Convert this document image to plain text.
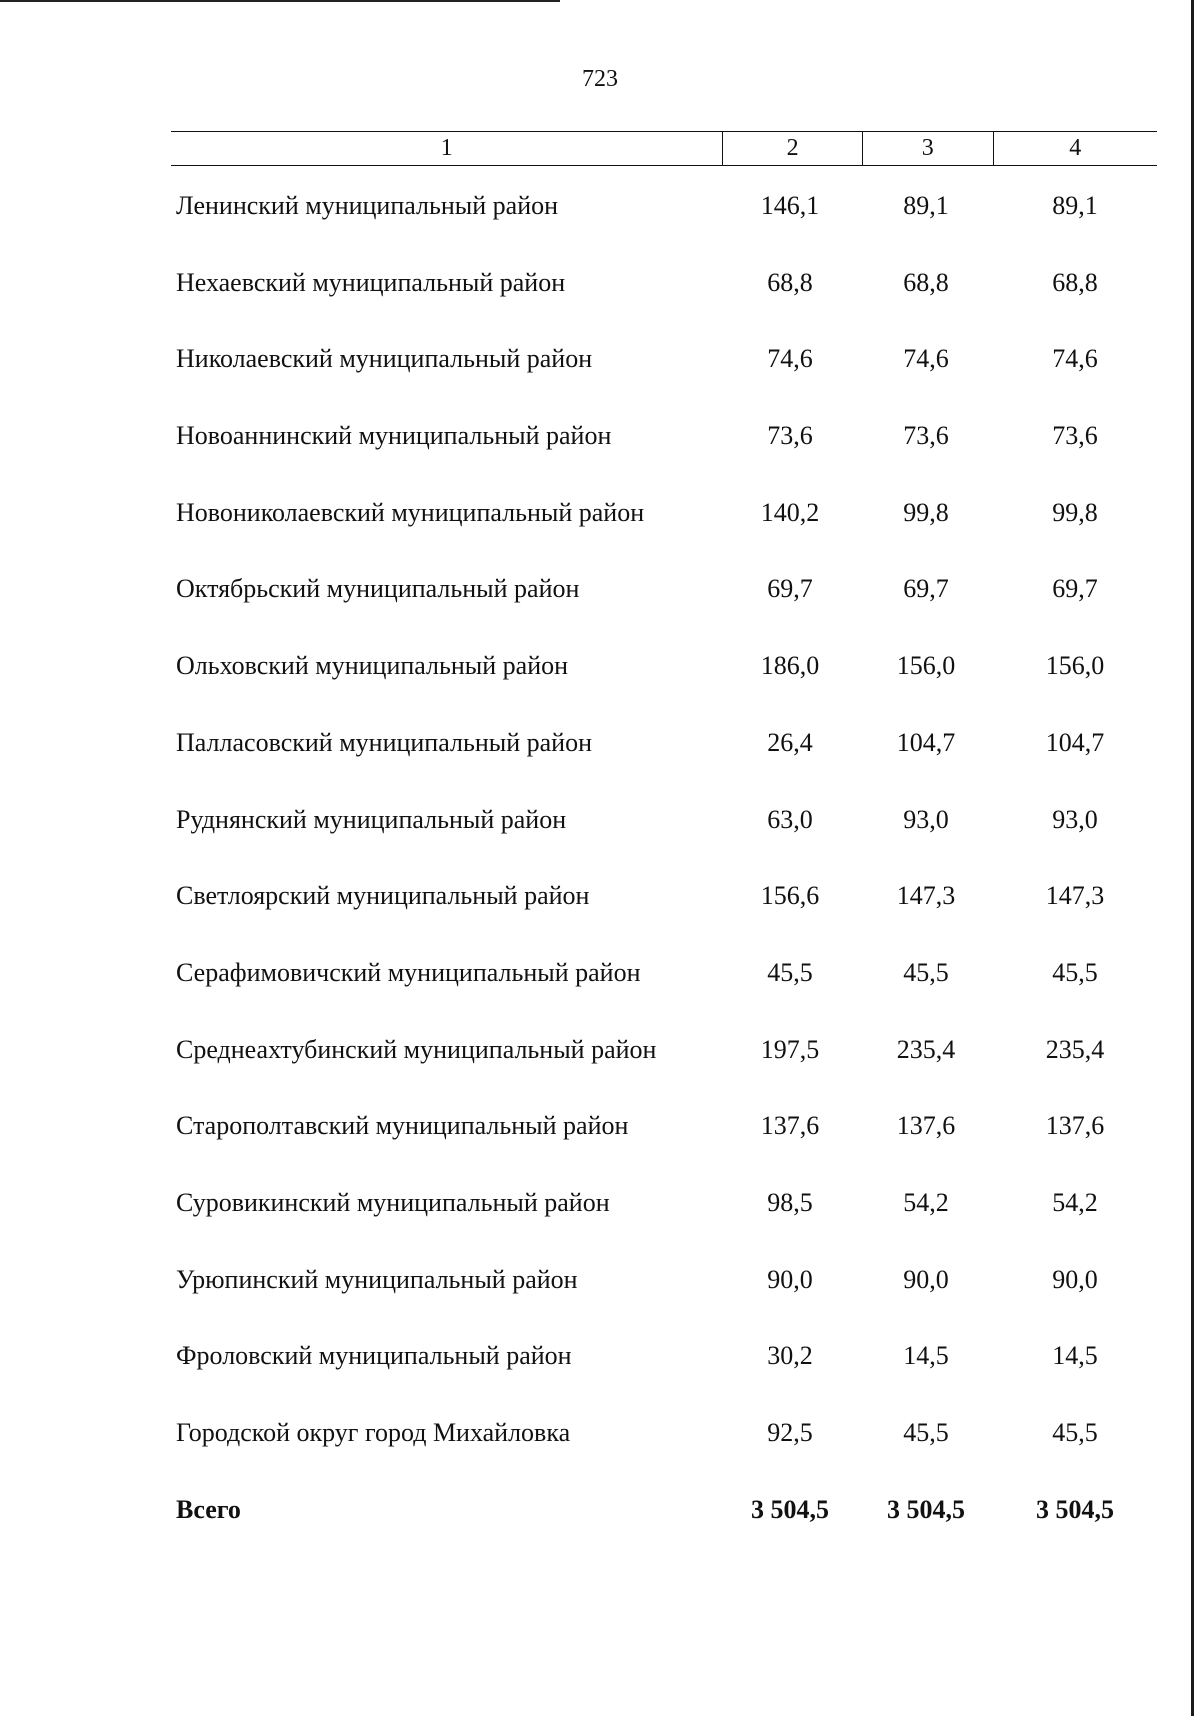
723
1	2	3	4
Ленинский муниципальный район	146,1	89,1	89,1
Нехаевский муниципальный район	68,8	68,8	68,8
Николаевский муниципальный район	74,6	74,6	74,6
Новоаннинский муниципальный район	73,6	73,6	73,6
Новониколаевский муниципальный район	140,2	99,8	99,8
Октябрьский муниципальный район	69,7	69,7	69,7
Ольховский муниципальный район	186,0	156,0	156,0
Палласовский муниципальный район	26,4	104,7	104,7
Руднянский муниципальный район	63,0	93,0	93,0
Светлоярский муниципальный район	156,6	147,3	147,3
Серафимовичский муниципальный район	45,5	45,5	45,5
Среднеахтубинский муниципальный район	197,5	235,4	235,4
Старополтавский муниципальный район	137,6	137,6	137,6
Суровикинский муниципальный район	98,5	54,2	54,2
Урюпинский муниципальный район	90,0	90,0	90,0
Фроловский муниципальный район	30,2	14,5	14,5
Городской округ город Михайловка	92,5	45,5	45,5
Всего	3 504,5	3 504,5	3 504,5
